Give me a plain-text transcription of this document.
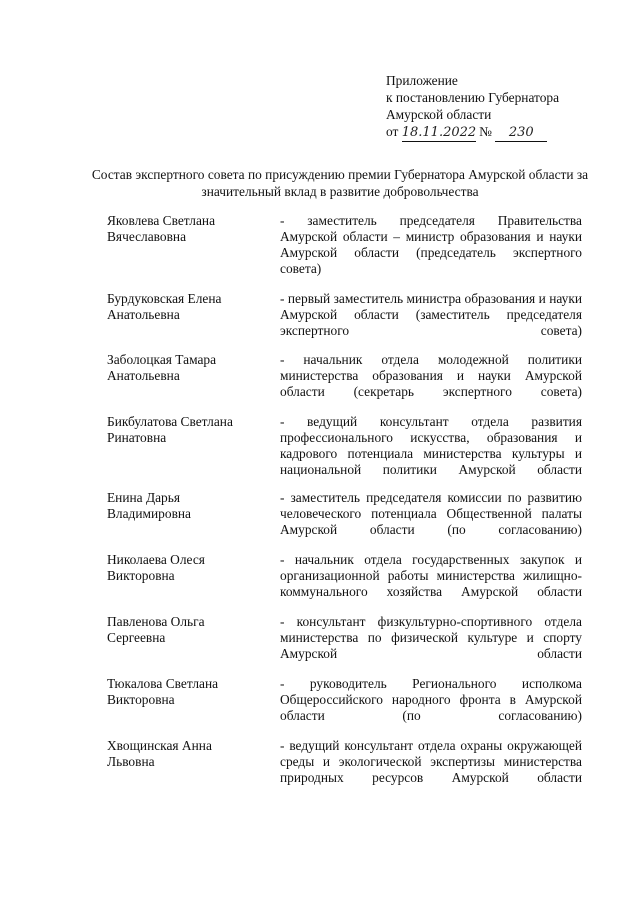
Приложение
к постановлению Губернатора
Амурской области
от 18.11.2022 № 230
Состав экспертного совета по присуждению премии Губернатора Амурской области за значительный вклад в развитие добровольчества
Яковлева Светлана
Вячеславовна
- заместитель председателя Правительства Амурской области – министр образования и науки Амурской области (председатель экспертного совета)
Бурдуковская Елена
Анатольевна
- первый заместитель министра образования и науки Амурской области (заместитель председателя экспертного совета)
Заболоцкая Тамара
Анатольевна
- начальник отдела молодежной политики министерства образования и науки Амурской области (секретарь экспертного совета)
Бикбулатова Светлана
Ринатовна
- ведущий консультант отдела развития профессионального искусства, образования и кадрового потенциала министерства культуры и национальной политики Амурской области
Енина Дарья
Владимировна
- заместитель председателя комиссии по развитию человеческого потенциала Общественной палаты Амурской области (по согласованию)
Николаева Олеся
Викторовна
- начальник отдела государственных закупок и организационной работы министерства жилищно-коммунального хозяйства Амурской области
Павленова Ольга
Сергеевна
- консультант физкультурно-спортивного отдела министерства по физической культуре и спорту Амурской области
Тюкалова Светлана
Викторовна
- руководитель Регионального исполкома Общероссийского народного фронта в Амурской области (по согласованию)
Хвощинская Анна
Львовна
- ведущий консультант отдела охраны окружающей среды и экологической экспертизы министерства природных ресурсов Амурской области
